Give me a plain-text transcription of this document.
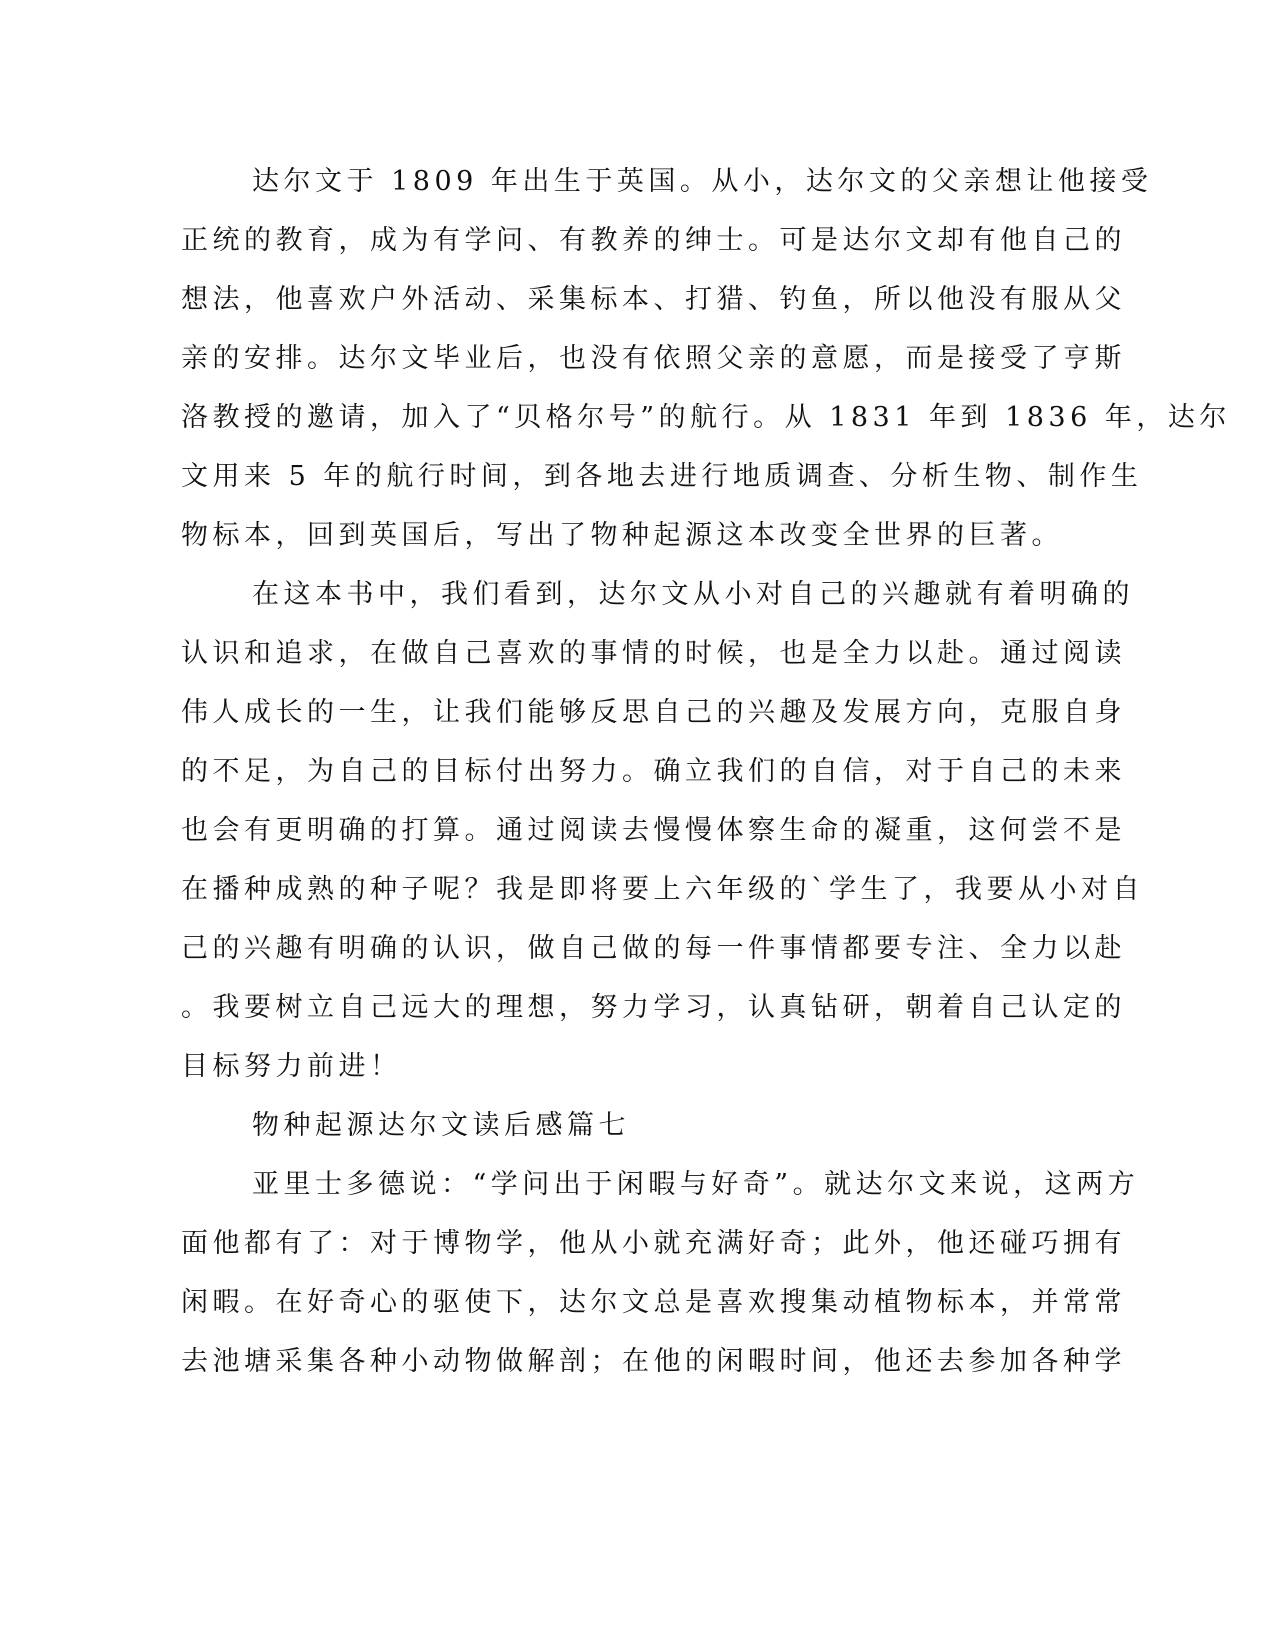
达尔文于 1809 年出生于英国。从小，达尔文的父亲想让他接受
正统的教育，成为有学问、有教养的绅士。可是达尔文却有他自己的
想法，他喜欢户外活动、采集标本、打猎、钓鱼，所以他没有服从父
亲的安排。达尔文毕业后，也没有依照父亲的意愿，而是接受了亨斯
洛教授的邀请，加入了“贝格尔号”的航行。从 1831 年到 1836 年，达尔
文用来 5 年的航行时间，到各地去进行地质调查、分析生物、制作生
物标本，回到英国后，写出了物种起源这本改变全世界的巨著。
在这本书中，我们看到，达尔文从小对自己的兴趣就有着明确的
认识和追求，在做自己喜欢的事情的时候，也是全力以赴。通过阅读
伟人成长的一生，让我们能够反思自己的兴趣及发展方向，克服自身
的不足，为自己的目标付出努力。确立我们的自信，对于自己的未来
也会有更明确的打算。通过阅读去慢慢体察生命的凝重，这何尝不是
在播种成熟的种子呢？我是即将要上六年级的`学生了，我要从小对自
己的兴趣有明确的认识，做自己做的每一件事情都要专注、全力以赴
。我要树立自己远大的理想，努力学习，认真钻研，朝着自己认定的
目标努力前进！
物种起源达尔文读后感篇七
亚里士多德说：“学问出于闲暇与好奇”。就达尔文来说，这两方
面他都有了：对于博物学，他从小就充满好奇；此外，他还碰巧拥有
闲暇。在好奇心的驱使下，达尔文总是喜欢搜集动植物标本，并常常
去池塘采集各种小动物做解剖；在他的闲暇时间，他还去参加各种学
